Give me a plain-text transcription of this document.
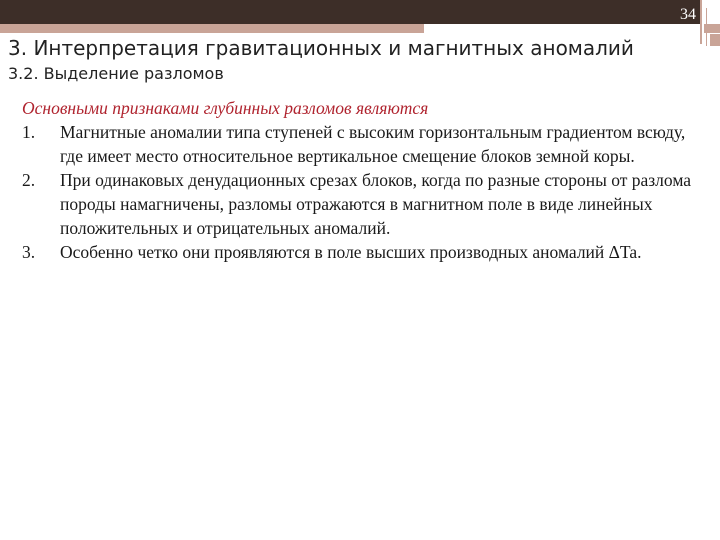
34
3. Интерпретация гравитационных и магнитных аномалий
3.2. Выделение разломов

Основными признаками глубинных разломов являются

1.	Магнитные аномалии типа ступеней с высоким горизонтальным градиентом всюду, где имеет место относительное вертикальное смещение блоков земной коры.
2.	При одинаковых денудационных срезах блоков, когда по разные стороны от разлома породы намагничены, разломы отражаются в магнитном поле в виде линейных положительных и отрицательных аномалий.
3.	Особенно четко они проявляются в поле высших производных аномалий ΔTa.
